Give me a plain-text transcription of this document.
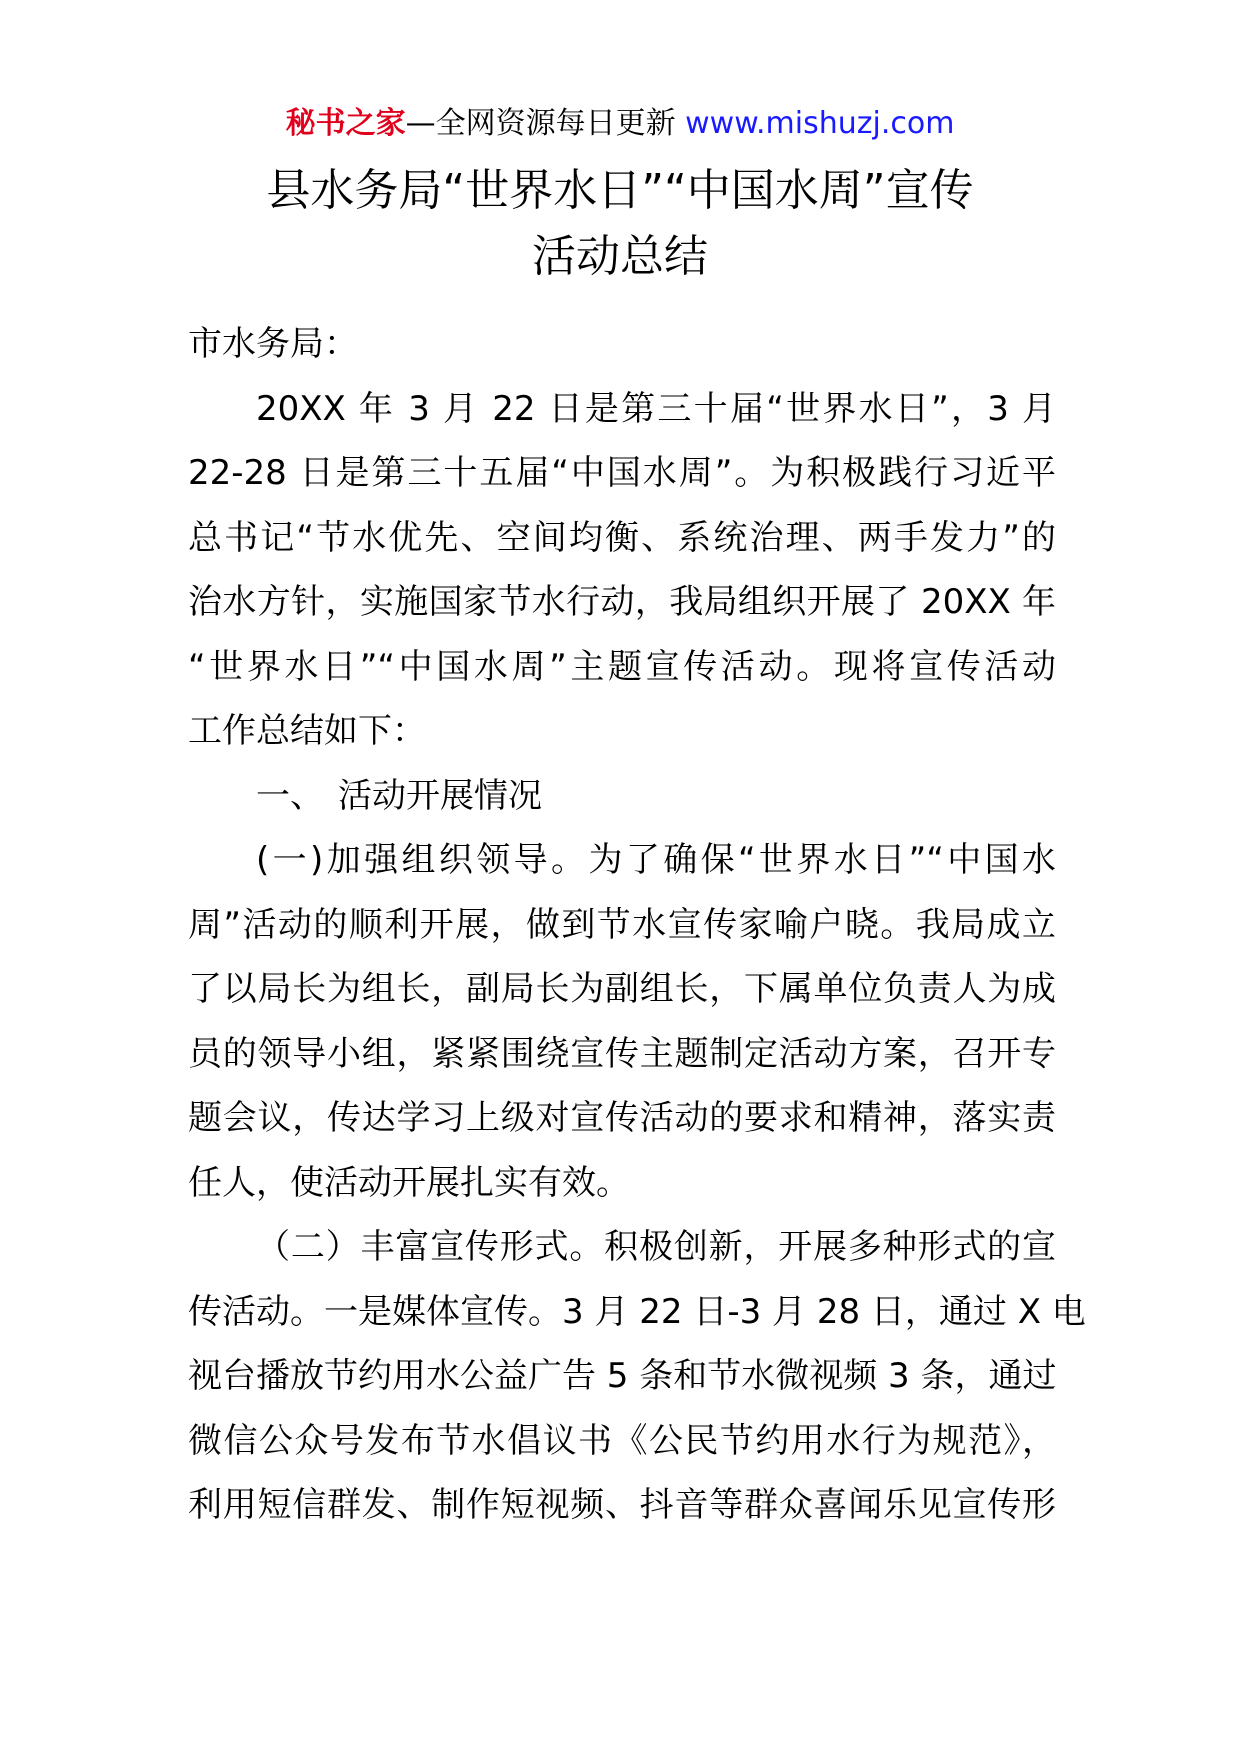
秘书之家—全网资源每日更新 www.mishuzj.com
县水务局“世界水日”“中国水周”宣传
活动总结
市水务局：
20XX 年 3 月 22 日是第三十届“世界水日”，3 月
22-28 日是第三十五届“中国水周”。为积极践行习近平
总书记“节水优先、空间均衡、系统治理、两手发力”的
治水方针，实施国家节水行动，我局组织开展了 20XX 年
“世界水日”“中国水周”主题宣传活动。现将宣传活动
工作总结如下：
一、 活动开展情况
(一)加强组织领导。为了确保“世界水日”“中国水
周”活动的顺利开展，做到节水宣传家喻户晓。我局成立
了以局长为组长，副局长为副组长，下属单位负责人为成
员的领导小组，紧紧围绕宣传主题制定活动方案，召开专
题会议，传达学习上级对宣传活动的要求和精神，落实责
任人，使活动开展扎实有效。
（二）丰富宣传形式。积极创新，开展多种形式的宣
传活动。一是媒体宣传。3 月 22 日-3 月 28 日，通过 X 电
视台播放节约用水公益广告 5 条和节水微视频 3 条，通过
微信公众号发布节水倡议书《公民节约用水行为规范》，
利用短信群发、制作短视频、抖音等群众喜闻乐见宣传形
